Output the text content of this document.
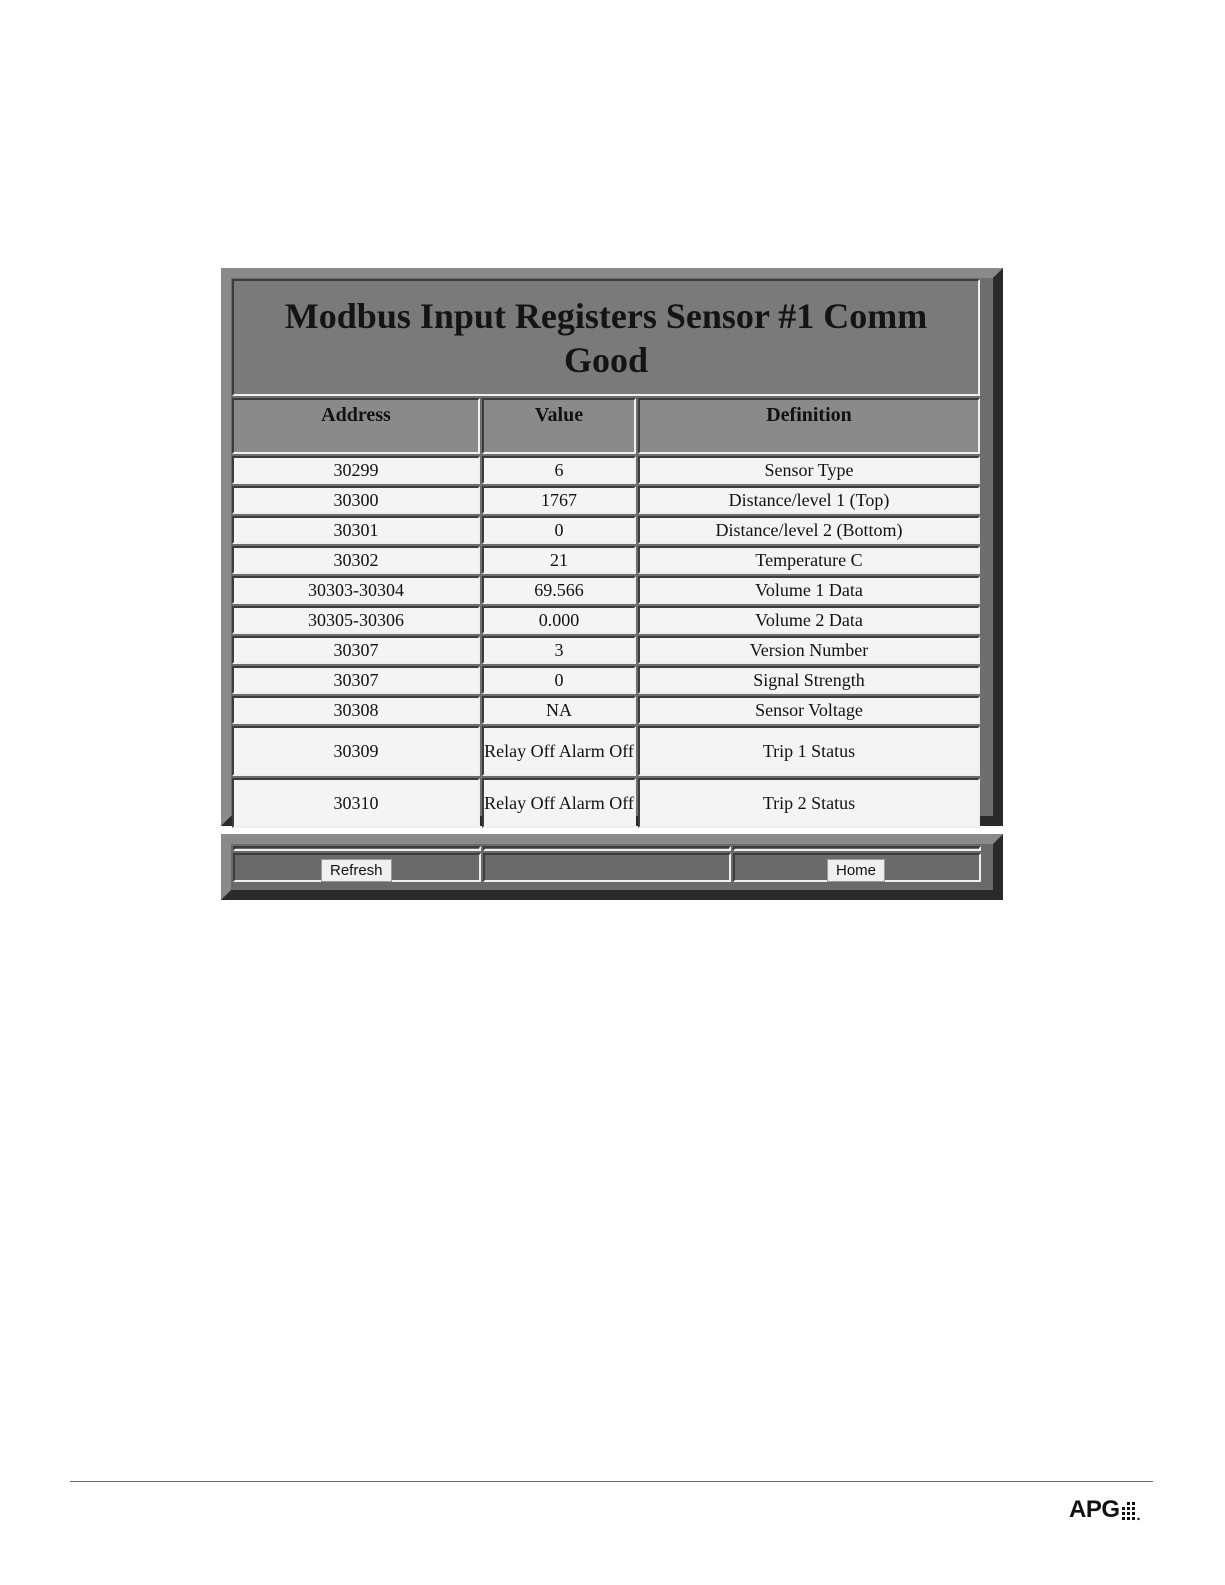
Modbus Input Registers Sensor #1 Comm Good		

Address	Value	Definition

30299	6	Sensor Type
30300	1767	Distance/level 1 (Top)
30301	0	Distance/level 2 (Bottom)
30302	21	Temperature C
30303-30304	69.566	Volume 1 Data
30305-30306	0.000	Volume 2 Data
30307	3	Version Number
30307	0	Signal Strength
30308	NA	Sensor Voltage
30309	Relay Off Alarm Off	Trip 1 Status
30310	Relay Off Alarm Off	Trip 2 Status
Refresh	Home
APG
